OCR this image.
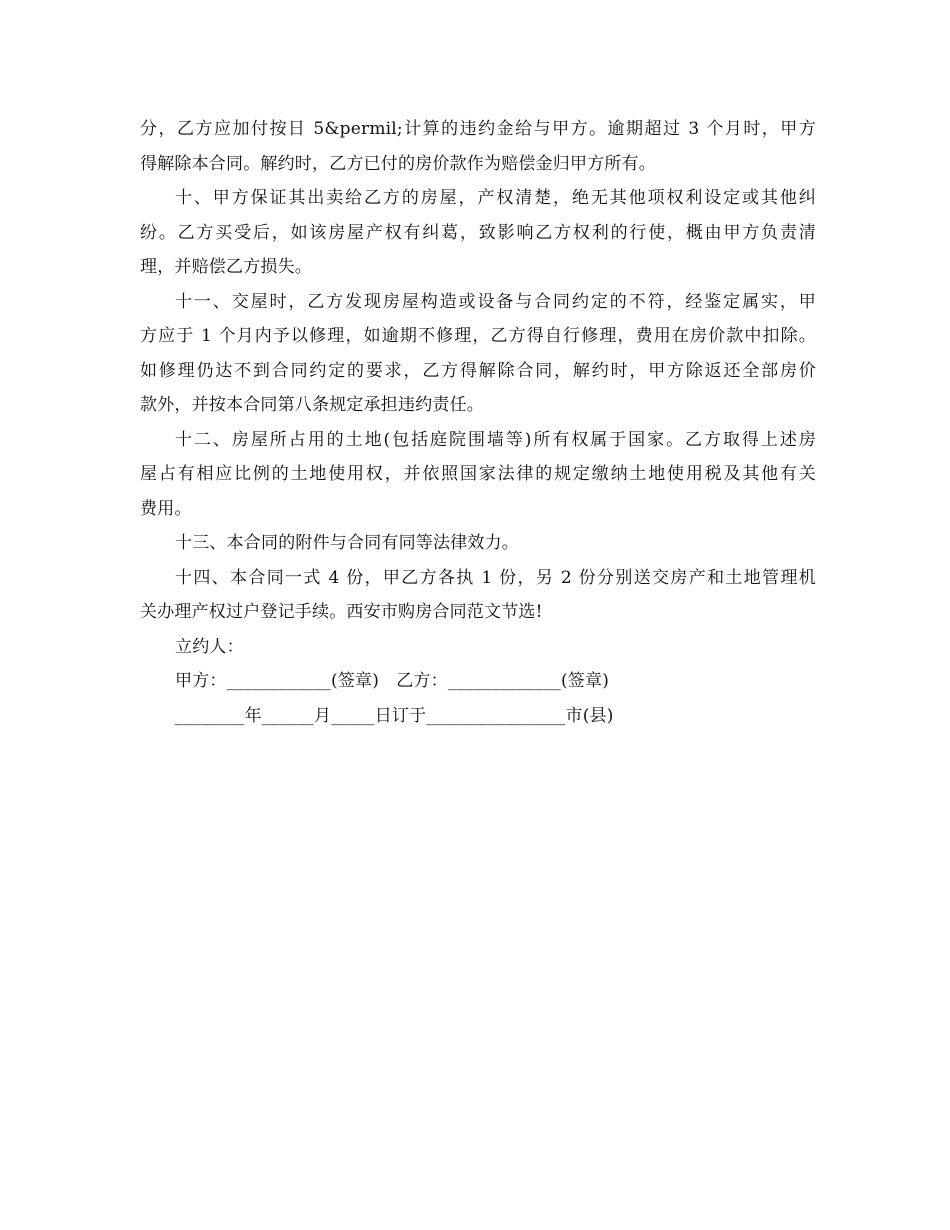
分，乙方应加付按日 5&permil;计算的违约金给与甲方。逾期超过 3 个月时，甲方
得解除本合同。解约时，乙方已付的房价款作为赔偿金归甲方所有。
十、甲方保证其出卖给乙方的房屋，产权清楚，绝无其他项权利设定或其他纠
纷。乙方买受后，如该房屋产权有纠葛，致影响乙方权利的行使，概由甲方负责清
理，并赔偿乙方损失。
十一、交屋时，乙方发现房屋构造或设备与合同约定的不符，经鉴定属实，甲
方应于 1 个月内予以修理，如逾期不修理，乙方得自行修理，费用在房价款中扣除。
如修理仍达不到合同约定的要求，乙方得解除合同，解约时，甲方除返还全部房价
款外，并按本合同第八条规定承担违约责任。
十二、房屋所占用的土地(包括庭院围墙等)所有权属于国家。乙方取得上述房
屋占有相应比例的土地使用权，并依照国家法律的规定缴纳土地使用税及其他有关
费用。
十三、本合同的附件与合同有同等法律效力。
十四、本合同一式 4 份，甲乙方各执 1 份，另 2 份分别送交房产和土地管理机
关办理产权过户登记手续。西安市购房合同范文节选!
立约人：
甲方：____________(签章)　乙方：_____________(签章)
________年______月_____日订于________________市(县)
